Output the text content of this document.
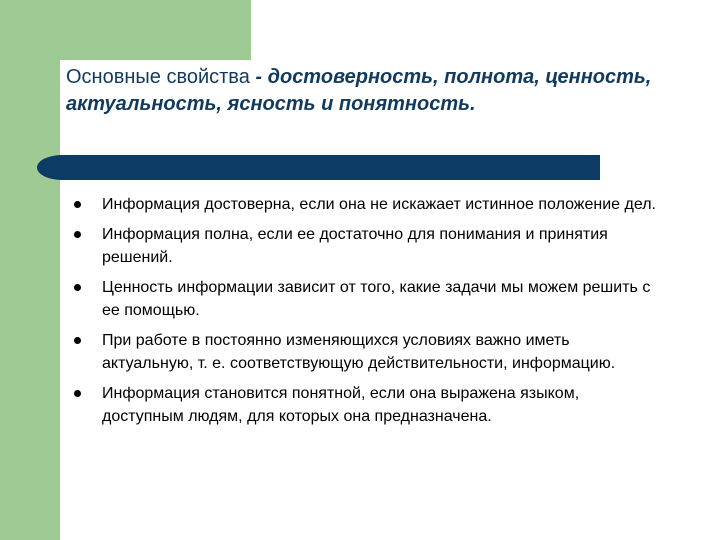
Основные свойства - достоверность, полнота, ценность, актуальность, ясность и понятность.
Информация достоверна, если она не искажает истинное положение дел.
Информация полна, если ее достаточно для понимания и принятия решений.
Ценность информации зависит от того, какие задачи мы можем решить с ее помощью.
При работе в постоянно изменяющихся условиях важно иметь актуальную, т. е. соответствующую действительности, информацию.
Информация становится понятной, если она выражена языком, доступным людям, для которых она предназначена.
